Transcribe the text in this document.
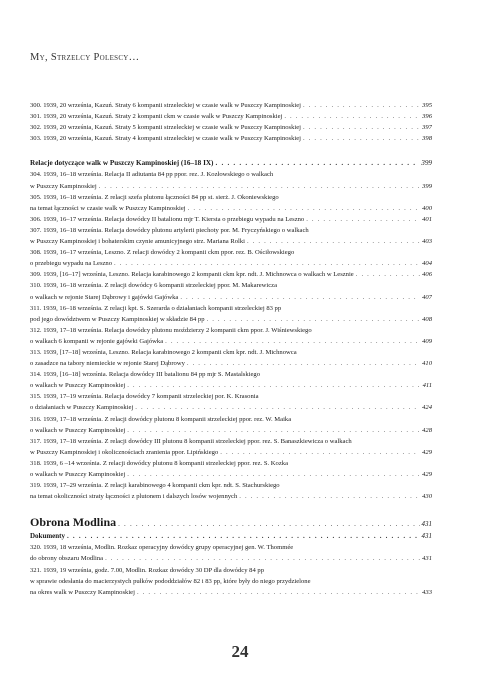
My, Strzelcy Polescy…
300. 1939, 20 września, Kazuń. Straty 6 kompanii strzeleckiej w czasie walk w Puszczy Kampinoskiej . . .	395
301. 1939, 20 września, Kazuń. Straty 2 kompanii ckm w czasie walk w Puszczy Kampinoskiej . . .	396
302. 1939, 20 września, Kazuń. Straty 5 kompanii strzeleckiej w czasie walk w Puszczy Kampinoskiej . . .	397
303. 1939, 20 września, Kazuń. Straty 4 kompanii strzeleckiej w czasie walk w Puszczy Kampinoskiej . . .	398
Relacje dotyczące walk w Puszczy Kampinoskiej (16–18 IX) . . .	399
304. 1939, 16–18 września. Relacja II adiutanta 84 pp ppor. rez. J. Kozłowskiego o walkach
w Puszczy Kampinoskiej . . .	399
305. 1939, 16–18 września. Z relacji szefa plutonu łączności 84 pp st. sierż. J. Okoniewskiego
na temat łączności w czasie walk w Puszczy Kampinoskiej . . .	400
306. 1939, 16–17 września. Relacja dowódcy II batalionu mjr T. Kiersta o przebiegu wypadu na Leszno . . .	401
307. 1939, 16–18 września. Relacja dowódcy plutonu artylerii piechoty por. M. Fryczyńskiego o walkach
w Puszczy Kampinoskiej i bohaterskim czynie amunicyjnego strz. Mariana Rolki . . .	403
308. 1939, 16–17 września, Leszno. Z relacji dowódcy 2 kompanii ckm ppor. rez. B. Ościłowskiego
o przebiegu wypadu na Leszno . . .	404
309. 1939, [16–17] września, Leszno. Relacja karabinowego 2 kompanii ckm kpr. ndt. J. Michnowca o walkach w Lesznie . . .	406
310. 1939, 16–18 września. Z relacji dowódcy 6 kompanii strzeleckiej ppor. M. Makarewicza
o walkach w rejonie Starej Dąbrowy i gajówki Gajówka . . .	407
311. 1939, 16–18 września. Z relacji kpt. S. Szerarda o działaniach kompanii strzeleckiej 83 pp
pod jego dowództwem w Puszczy Kampinoskiej w składzie 84 pp . . .	408
312. 1939, 17–18 września. Relacja dowódcy plutonu moździerzy 2 kompanii ckm ppor. J. Wiśniewskiego
o walkach 6 kompanii w rejonie gajówki Gajówka . . .	409
313. 1939, [17–18] września, Leszno. Relacja karabinowego 2 kompanii ckm kpr. ndt. J. Michnowca
o zasadzce na tabory niemieckie w rejonie Starej Dąbrowy . . .	410
314. 1939, [16–18] września. Relacja dowódcy III batalionu 84 pp mjr S. Mastalskiego
o walkach w Puszczy Kampinoskiej . . .	411
315. 1939, 17–19 września. Relacja dowódcy 7 kompanii strzeleckiej por. K. Krasonia
o działaniach w Puszczy Kampinoskiej . . .	424
316. 1939, 17–18 września. Z relacji dowódcy plutonu 8 kompanii strzeleckiej ppor. rez. W. Maika
o walkach w Puszczy Kampinoskiej . . .	428
317. 1939, 17–18 września. Z relacji dowódcy III plutonu 8 kompanii strzeleckiej ppor. rez. S. Banaszkiewicza o walkach
w Puszczy Kampinoskiej i okolicznościach zranienia ppor. Lipińskiego . . .	429
318. 1939, 6 –14 września. Z relacji dowódcy plutonu 8 kompanii strzeleckiej ppor. rez. S. Kozka
o walkach w Puszczy Kampinoskiej . . .	429
319. 1939, 17–29 września. Z relacji karabinowego 4 kompanii ckm kpr. ndt. S. Stachurskiego
na temat okoliczności straty łączności z plutonem i dalszych losów wojennych . . .	430
Obrona Modlina . . .	431
Dokumenty . . .	431
320. 1939, 18 września, Modlin. Rozkaz operacyjny dowódcy grupy operacyjnej gen. W. Thommée
do obrony obszaru Modlina . . .	431
321. 1939, 19 września, godz. 7.00, Modlin. Rozkaz dowódcy 30 DP dla dowódcy 84 pp
w sprawie odesłania do macierzystych pułków pododdziałów 82 i 83 pp, które były do niego przydzielone
na okres walk w Puszczy Kampinoskiej . . .	433
24
